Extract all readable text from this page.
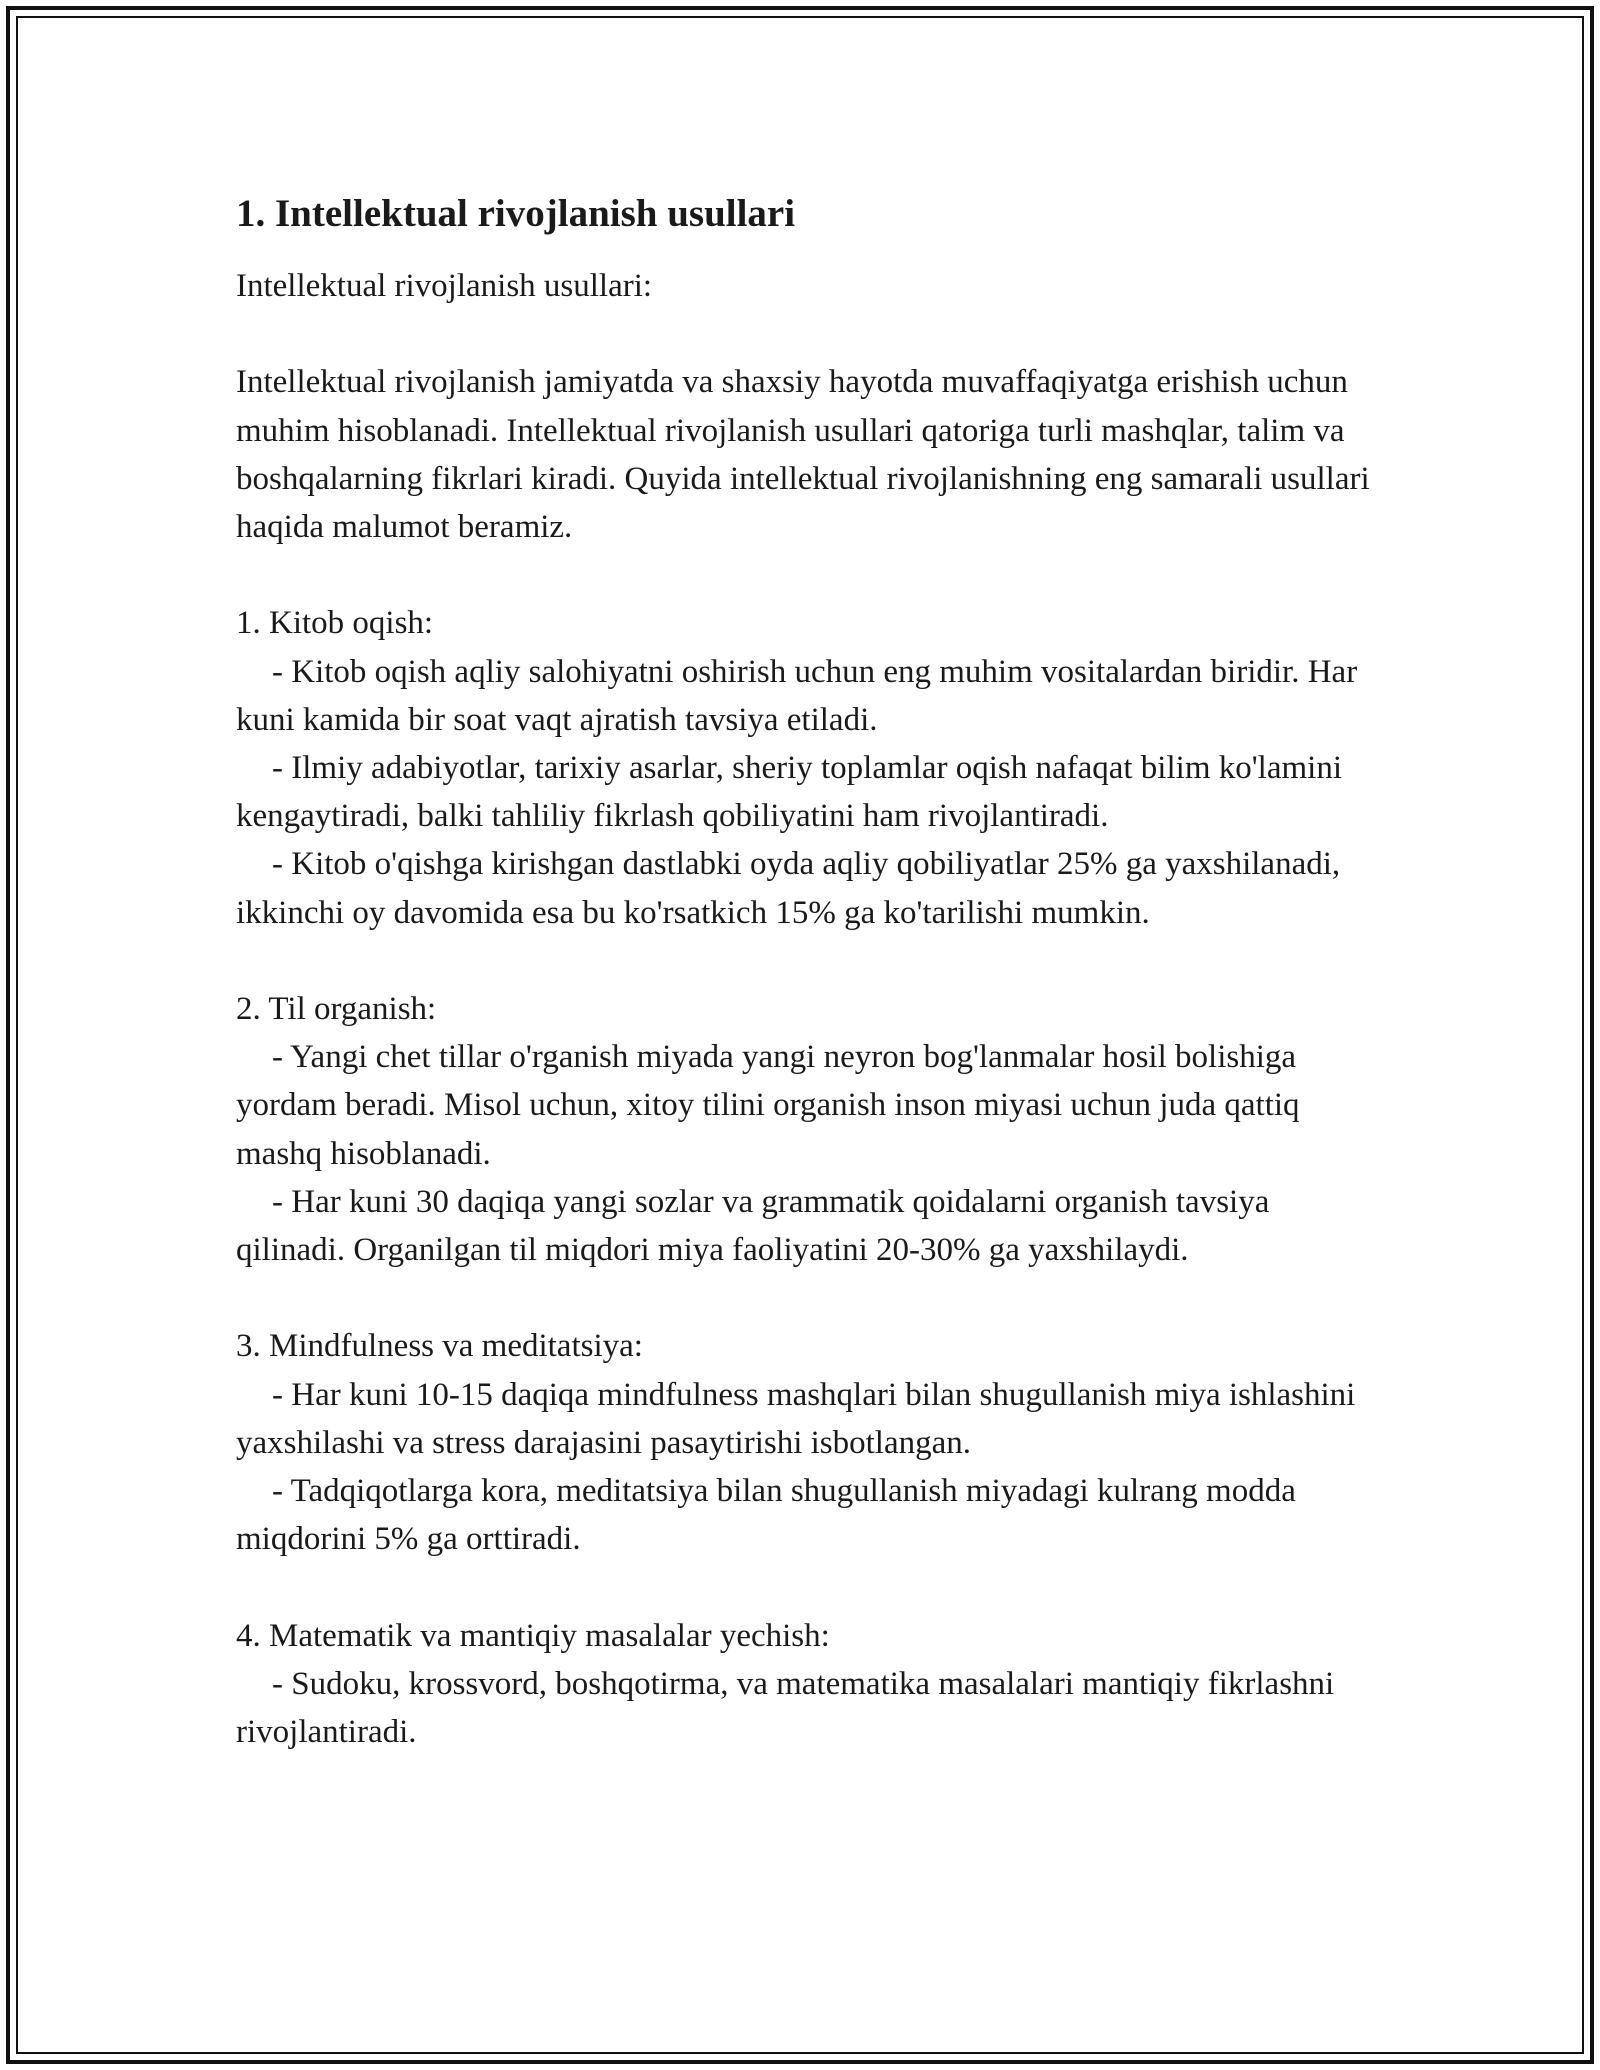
1. Intellektual rivojlanish usullari

Intellektual rivojlanish usullari:

Intellektual rivojlanish jamiyatda va shaxsiy hayotda muvaffaqiyatga erishish uchun muhim hisoblanadi. Intellektual rivojlanish usullari qatoriga turli mashqlar, talim va boshqalarning fikrlari kiradi. Quyida intellektual rivojlanishning eng samarali usullari haqida malumot beramiz.

1. Kitob oqish:

- Kitob oqish aqliy salohiyatni oshirish uchun eng muhim vositalardan biridir. Har kuni kamida bir soat vaqt ajratish tavsiya etiladi.

- Ilmiy adabiyotlar, tarixiy asarlar, sheriy toplamlar oqish nafaqat bilim ko'lamini kengaytiradi, balki tahliliy fikrlash qobiliyatini ham rivojlantiradi.

- Kitob o'qishga kirishgan dastlabki oyda aqliy qobiliyatlar 25% ga yaxshilanadi, ikkinchi oy davomida esa bu ko'rsatkich 15% ga ko'tarilishi mumkin.

2. Til organish:

- Yangi chet tillar o'rganish miyada yangi neyron bog'lanmalar hosil bolishiga yordam beradi. Misol uchun, xitoy tilini organish inson miyasi uchun juda qattiq mashq hisoblanadi.

- Har kuni 30 daqiqa yangi sozlar va grammatik qoidalarni organish tavsiya qilinadi. Organilgan til miqdori miya faoliyatini 20-30% ga yaxshilaydi.

3. Mindfulness va meditatsiya:

- Har kuni 10-15 daqiqa mindfulness mashqlari bilan shugullanish miya ishlashini yaxshilashi va stress darajasini pasaytirishi isbotlangan.

- Tadqiqotlarga kora, meditatsiya bilan shugullanish miyadagi kulrang modda miqdorini 5% ga orttiradi.

4. Matematik va mantiqiy masalalar yechish:

- Sudoku, krossvord, boshqotirma, va matematika masalalari mantiqiy fikrlashni rivojlantiradi.
